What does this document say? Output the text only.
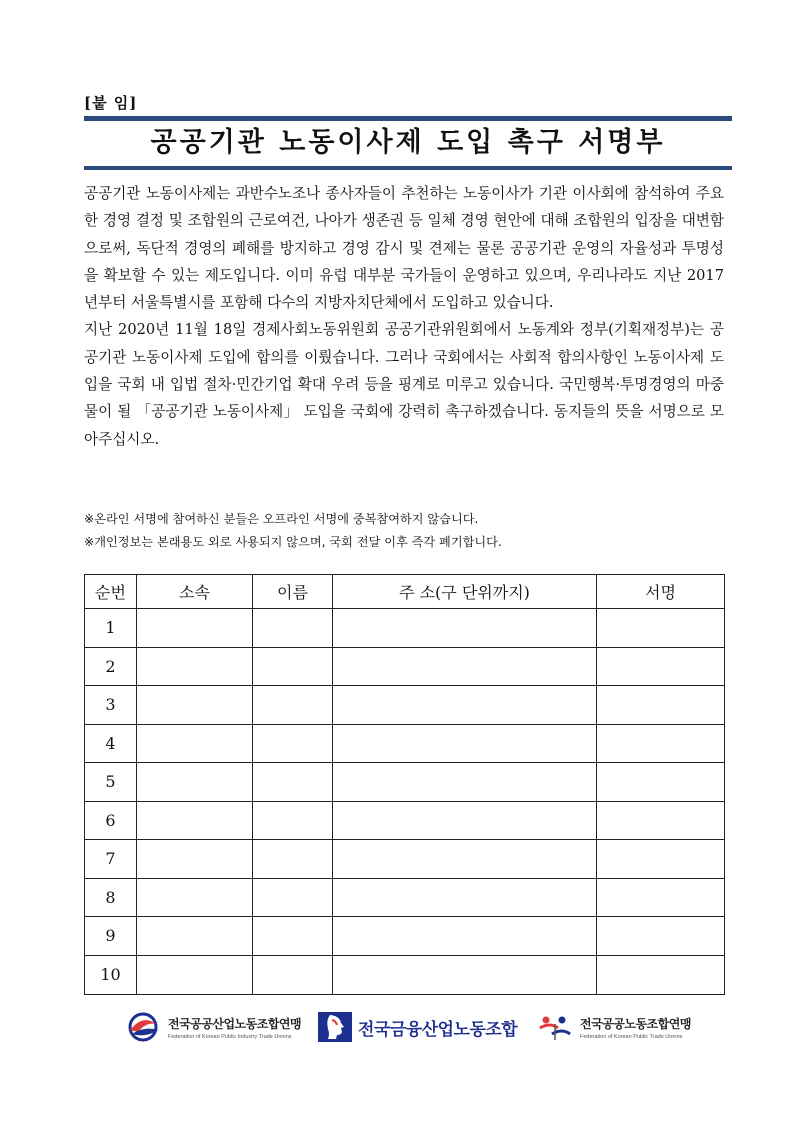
[붙 임]
공공기관 노동이사제 도입 촉구 서명부

공공기관 노동이사제는 과반수노조나 종사자들이 추천하는 노동이사가 기관 이사회에 참석하여 주요한 경영 결정 및 조합원의 근로여건, 나아가 생존권 등 일체 경영 현안에 대해 조합원의 입장을 대변함으로써, 독단적 경영의 폐해를 방지하고 경영 감시 및 견제는 물론 공공기관 운영의 자율성과 투명성을 확보할 수 있는 제도입니다. 이미 유럽 대부분 국가들이 운영하고 있으며, 우리나라도 지난 2017년부터 서울특별시를 포함해 다수의 지방자치단체에서 도입하고 있습니다.

지난 2020년 11월 18일 경제사회노동위원회 공공기관위원회에서 노동계와 정부(기획재정부)는 공공기관 노동이사제 도입에 합의를 이뤘습니다. 그러나 국회에서는 사회적 합의사항인 노동이사제 도입을 국회 내 입법 절차·민간기업 확대 우려 등을 핑계로 미루고 있습니다. 국민행복·투명경영의 마중물이 될 「공공기관 노동이사제」 도입을 국회에 강력히 촉구하겠습니다. 동지들의 뜻을 서명으로 모아주십시오.

※온라인 서명에 참여하신 분들은 오프라인 서명에 중복참여하지 않습니다.
※개인정보는 본래용도 외로 사용되지 않으며, 국회 전달 이후 즉각 폐기합니다.
순번	소속	이름	주 소(구 단위까지)	서명
1				
2				
3				
4				
5				
6				
7				
8				
9				
10				
전국공공산업노동조합연맹
Federation of Korean Public Industry Trade Unions	전국금융산업노동조합	전국공공노동조합연맹
Federation of Korean Public Trade Unions
